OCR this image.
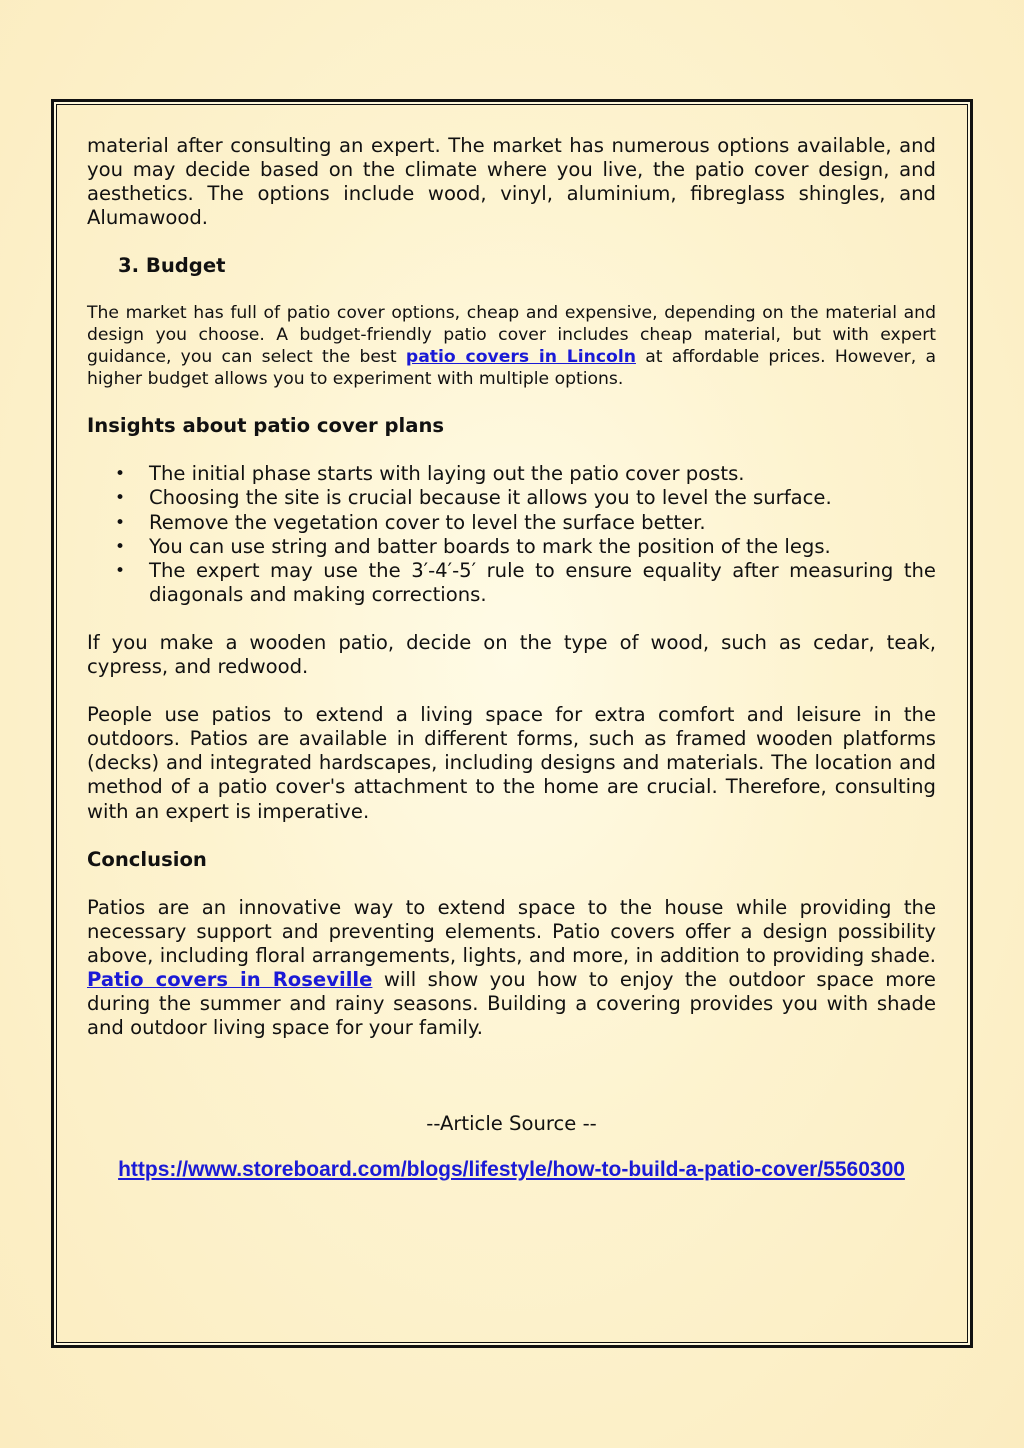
material after consulting an expert. The market has numerous options available, and you may decide based on the climate where you live, the patio cover design, and aesthetics. The options include wood, vinyl, aluminium, fibreglass shingles, and Alumawood.

3. Budget

The market has full of patio cover options, cheap and expensive, depending on the material and design you choose. A budget-friendly patio cover includes cheap material, but with expert guidance, you can select the best patio covers in Lincoln at affordable prices. However, a higher budget allows you to experiment with multiple options.

Insights about patio cover plans
• The initial phase starts with laying out the patio cover posts.
• Choosing the site is crucial because it allows you to level the surface.
• Remove the vegetation cover to level the surface better.
• You can use string and batter boards to mark the position of the legs.
• The expert may use the 3′-4′-5′ rule to ensure equality after measuring the diagonals and making corrections.

If you make a wooden patio, decide on the type of wood, such as cedar, teak, cypress, and redwood.

People use patios to extend a living space for extra comfort and leisure in the outdoors. Patios are available in different forms, such as framed wooden platforms (decks) and integrated hardscapes, including designs and materials. The location and method of a patio cover's attachment to the home are crucial. Therefore, consulting with an expert is imperative.

Conclusion

Patios are an innovative way to extend space to the house while providing the necessary support and preventing elements. Patio covers offer a design possibility above, including floral arrangements, lights, and more, in addition to providing shade. Patio covers in Roseville will show you how to enjoy the outdoor space more during the summer and rainy seasons. Building a covering provides you with shade and outdoor living space for your family.

--Article Source --
https://www.storeboard.com/blogs/lifestyle/how-to-build-a-patio-cover/5560300
